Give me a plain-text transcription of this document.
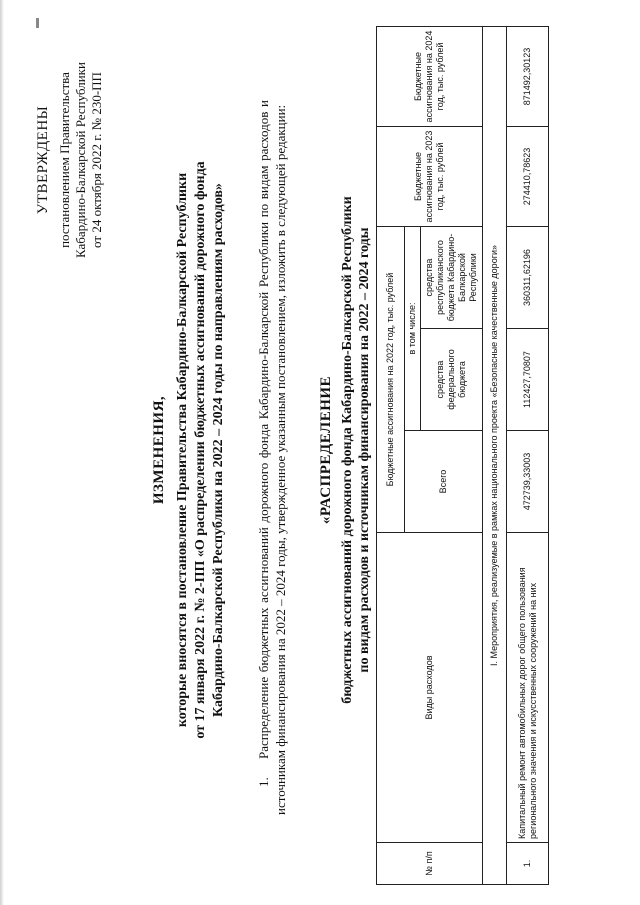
УТВЕРЖДЕНЫ постановлением Правительства Кабардино-Балкарской Республики от 24 октября 2022 г. № 230-ПП
ИЗМЕНЕНИЯ, которые вносятся в постановление Правительства Кабардино-Балкарской Республики от 17 января 2022 г. № 2-ПП «О распределении бюджетных ассигнований дорожного фонда Кабардино-Балкарской Республики на 2022 – 2024 годы по направлениям расходов»
1.Распределение бюджетных ассигнований дорожного фонда Кабардино-Балкарской Республики по видам расходов и источникам финансирования на 2022 – 2024 годы, утвержденное указанным постановлением, изложить в следующей редакции: «РАСПРЕДЕЛЕНИЕ бюджетных ассигнований дорожного фонда Кабардино-Балкарской Республики по видам расходов и источникам финансирования на 2022 – 2024 годы
№ п/п	Виды расходов	Бюджетные ассигнования на 2022 год, тыс. рублей			Бюджетные ассигнования на 2023 год, тыс. рублей	Бюджетные ассигнования на 2024 год, тыс. рублей
		Всего	в том числе:			
			средства федерального бюджета	средства республиканского бюджета Кабардино-Балкарской Республики		
I. Мероприятия, реализуемые в рамках национального проекта «Безопасные качественные дороги»						
1.	Капитальный ремонт автомобильных дорог общего пользования регионального значения и искусственных сооружений на них	472739,33003	112427,70807	360311,62196	274410,78623	871492,30123
